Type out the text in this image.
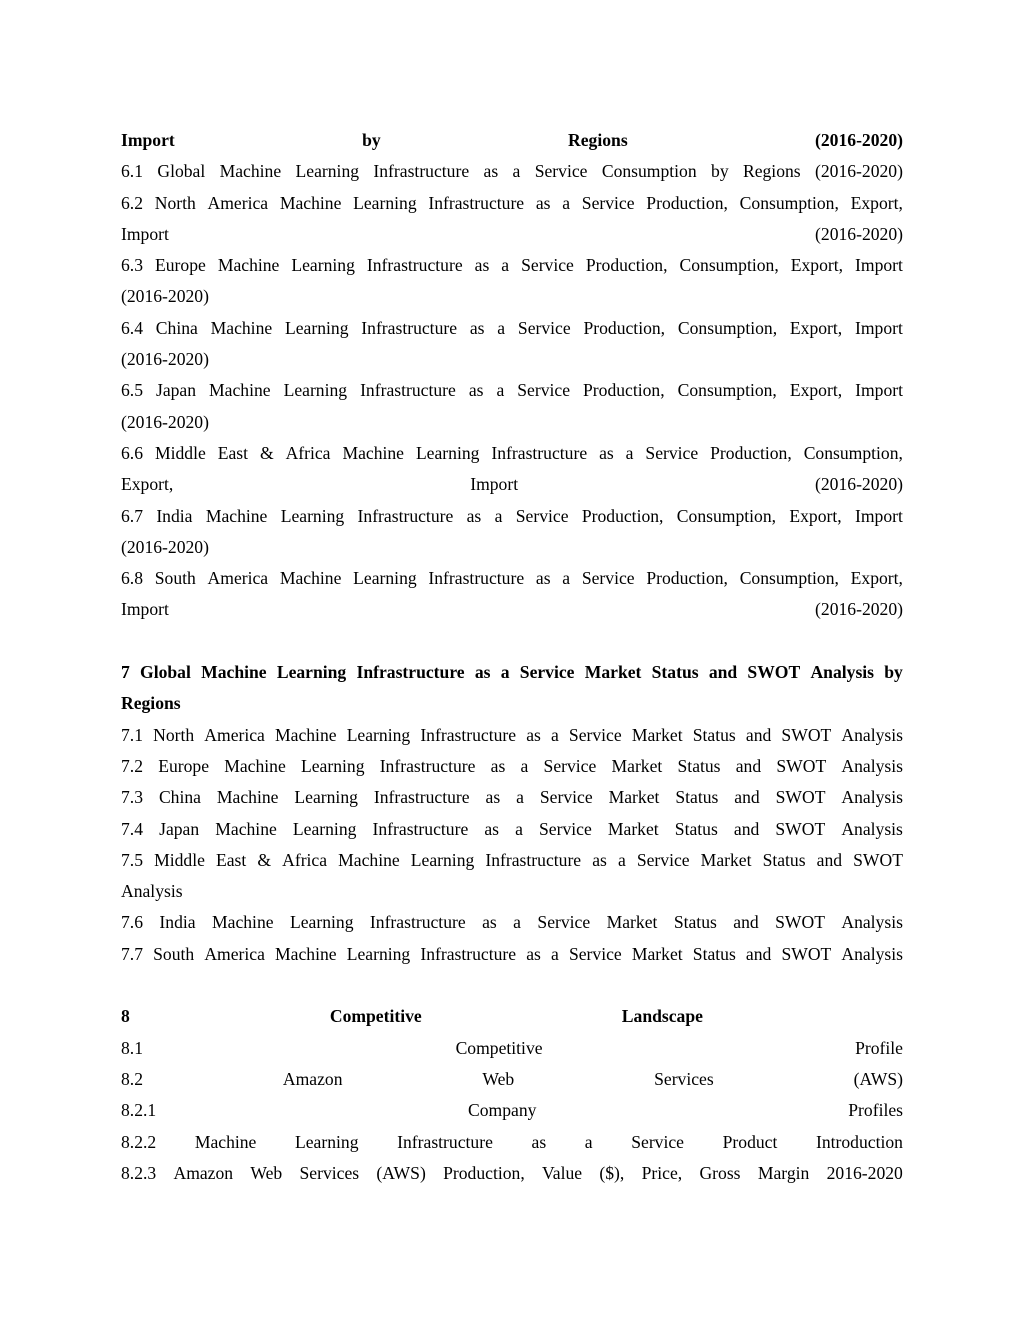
Import	by	Regions	(2016-2020)
6.1 Global Machine Learning Infrastructure as a Service Consumption by Regions (2016-2020)
6.2 North America Machine Learning Infrastructure as a Service Production, Consumption, Export,
Import	(2016-2020)
6.3 Europe Machine Learning Infrastructure as a Service Production, Consumption, Export, Import
(2016-2020)
6.4 China Machine Learning Infrastructure as a Service Production, Consumption, Export, Import
(2016-2020)
6.5 Japan Machine Learning Infrastructure as a Service Production, Consumption, Export, Import
(2016-2020)
6.6 Middle East & Africa Machine Learning Infrastructure as a Service Production, Consumption,
Export,	Import	(2016-2020)
6.7 India Machine Learning Infrastructure as a Service Production, Consumption, Export, Import
(2016-2020)
6.8 South America Machine Learning Infrastructure as a Service Production, Consumption, Export,
Import	(2016-2020)
7 Global Machine Learning Infrastructure as a Service Market Status and SWOT Analysis by
Regions
7.1 North America Machine Learning Infrastructure as a Service Market Status and SWOT Analysis
7.2 Europe Machine Learning Infrastructure as a Service Market Status and SWOT Analysis
7.3 China Machine Learning Infrastructure as a Service Market Status and SWOT Analysis
7.4 Japan Machine Learning Infrastructure as a Service Market Status and SWOT Analysis
7.5 Middle East & Africa Machine Learning Infrastructure as a Service Market Status and SWOT
Analysis
7.6 India Machine Learning Infrastructure as a Service Market Status and SWOT Analysis
7.7 South America Machine Learning Infrastructure as a Service Market Status and SWOT Analysis
8	Competitive	Landscape
8.1	Competitive	Profile
8.2	Amazon	Web	Services	(AWS)
8.2.1	Company	Profiles
8.2.2 Machine Learning Infrastructure as a Service Product Introduction
8.2.3 Amazon Web Services (AWS) Production, Value ($), Price, Gross Margin 2016-2020
